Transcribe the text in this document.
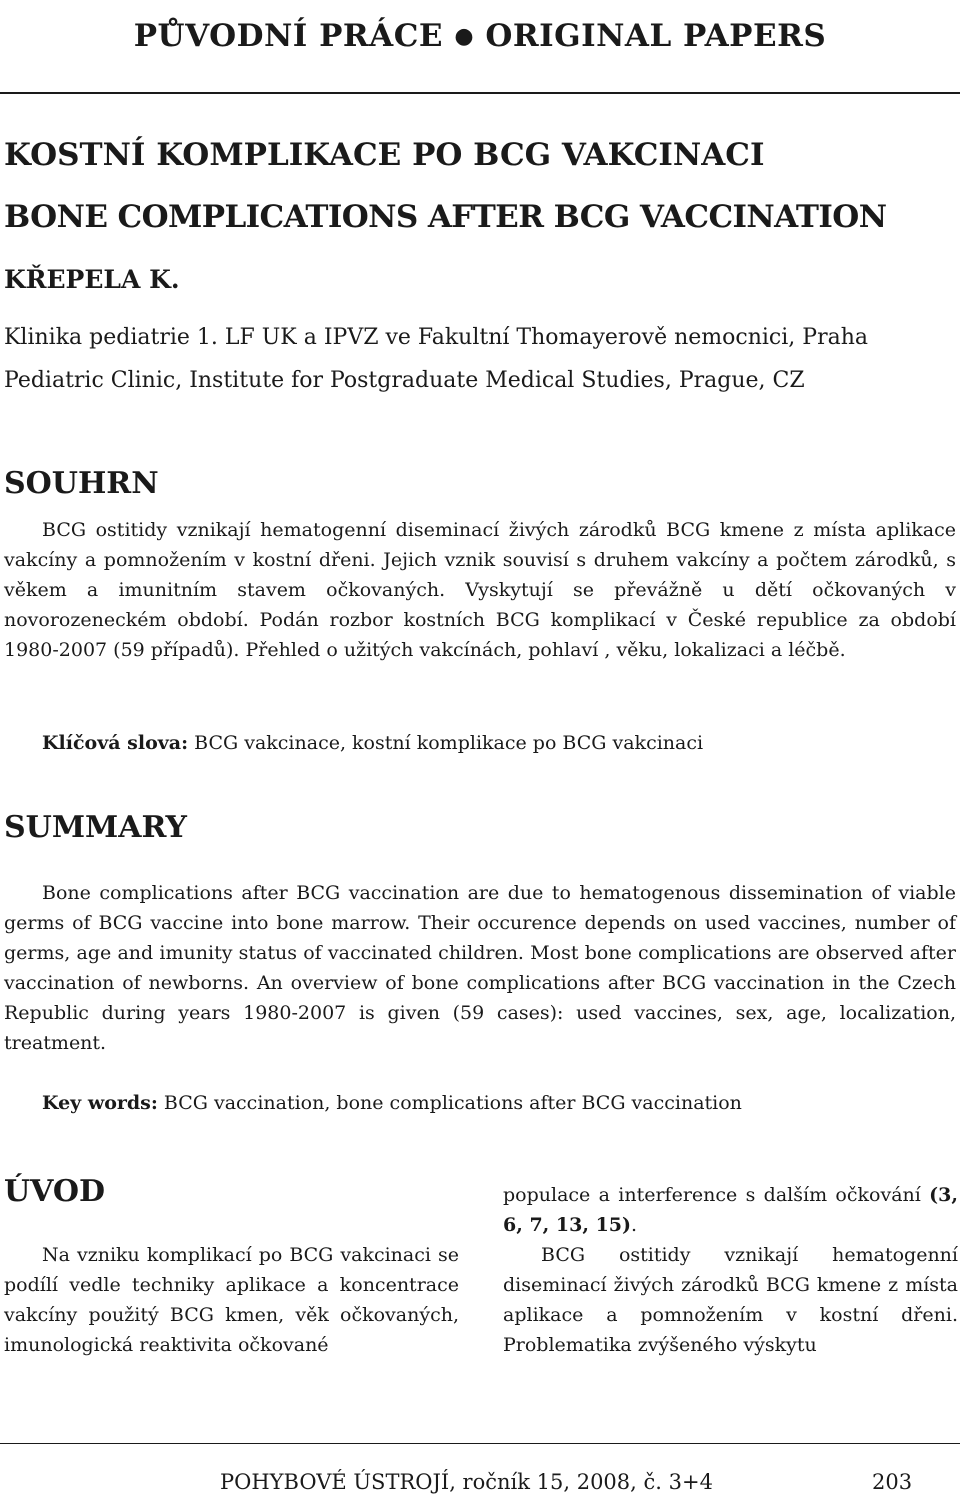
PŮVODNÍ PRÁCE ● ORIGINAL PAPERS
KOSTNÍ KOMPLIKACE PO BCG VAKCINACI
BONE COMPLICATIONS AFTER BCG VACCINATION
KŘEPELA K.
Klinika pediatrie 1. LF UK a IPVZ ve Fakultní Thomayerově nemocnici, Praha
Pediatric Clinic, Institute for Postgraduate Medical Studies, Prague, CZ
SOUHRN

BCG ostitidy vznikají hematogenní diseminací živých zárodků BCG kmene z místa aplikace vakcíny a pomnožením v kostní dřeni. Jejich vznik souvisí s druhem vakcíny a počtem zárodků, s věkem a imunitním stavem očkovaných. Vyskytují se převážně u dětí očkovaných v novorozeneckém období. Podán rozbor kostních BCG komplikací v České republice za období 1980-2007 (59 případů). Přehled o užitých vakcínách, pohlaví , věku, lokalizaci a léčbě.

Klíčová slova: BCG vakcinace, kostní komplikace po BCG vakcinaci
SUMMARY

Bone complications after BCG vaccination are due to hematogenous dissemination of viable germs of BCG vaccine into bone marrow. Their occurence depends on used vaccines, number of germs, age and imunity status of vaccinated children. Most bone complications are observed after vaccination of newborns. An overview of bone complications after BCG vaccination in the Czech Republic during years 1980-2007 is given (59 cases): used vaccines, sex, age, localization, treatment.

Key words: BCG vaccination, bone complications after BCG vaccination
ÚVOD

Na vzniku komplikací po BCG vakcinaci se podílí vedle techniky aplikace a koncentrace vakcíny použitý BCG kmen, věk očkovaných, imunologická reaktivita očkované

populace a interference s dalším očkování (3, 6, 7, 13, 15).

BCG ostitidy vznikají hematogenní diseminací živých zárodků BCG kmene z místa aplikace a pomnožením v kostní dřeni. Problematika zvýšeného výskytu

POHYBOVÉ ÚSTROJÍ, ročník 15, 2008, č. 3+4	203
